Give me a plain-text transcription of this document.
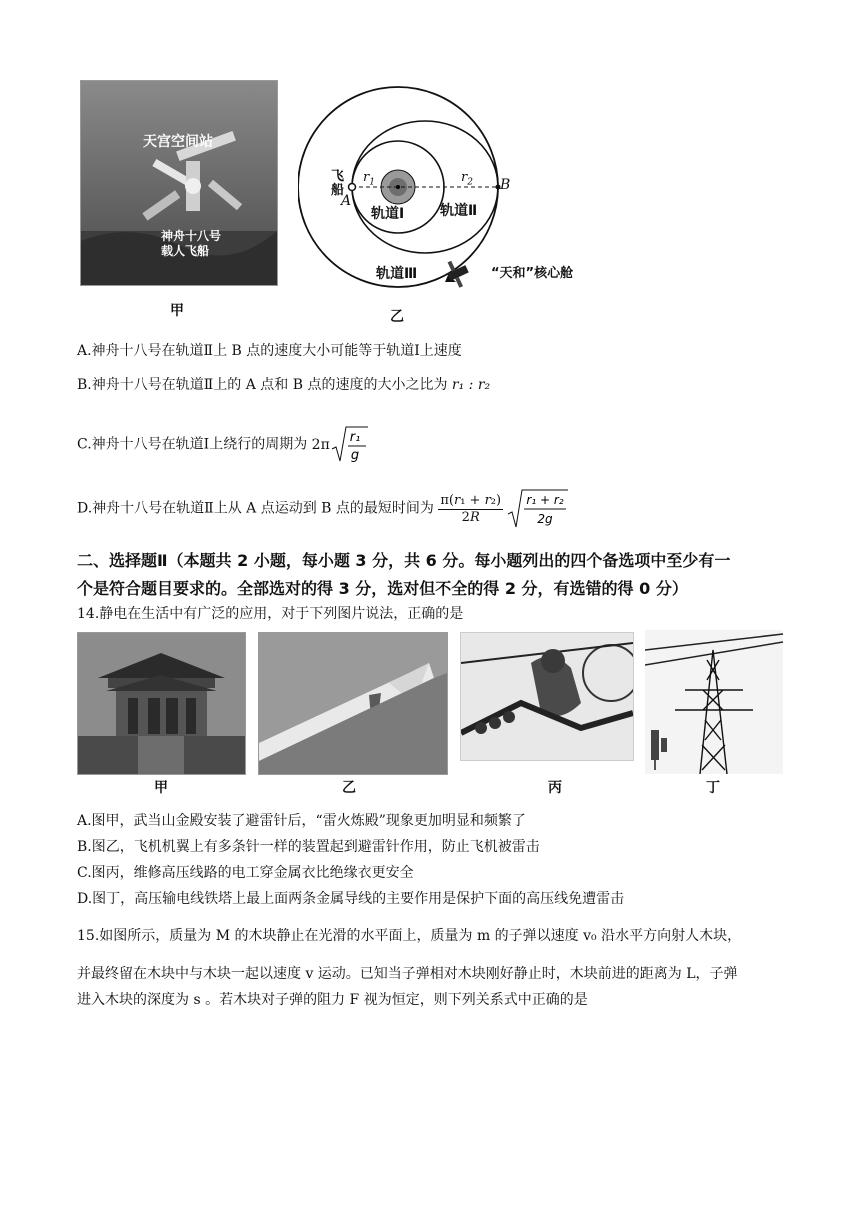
天宫空间站
神舟十八号载人飞船
甲
飞船
A
B
$r_1$	$r_2$
轨道Ⅰ	轨道Ⅱ
轨道Ⅲ	“天和”核心舱
乙
A.神舟十八号在轨道Ⅱ上 B 点的速度大小可能等于轨道Ⅰ上速度
B.神舟十八号在轨道Ⅱ上的 A 点和 B 点的速度的大小之比为 r₁ : r₂
C.神舟十八号在轨道Ⅰ上绕行的周期为 2π r₁
g
D.神舟十八号在轨道Ⅱ上从 A 点运动到 B 点的最短时间为 $\frac{\text{π(r₁ + r₂)}}{2R} r_1 + r_2$
2g
二、选择题Ⅱ（本题共 2 小题，每小题 3 分，共 6 分。每小题列出的四个备选项中至少有一
个是符合题目要求的。全部选对的得 3 分，选对但不全的得 2 分，有选错的得 0 分）
14.静电在生活中有广泛的应用，对于下列图片说法，正确的是
甲	乙	丙	丁
A.图甲，武当山金殿安装了避雷针后，“雷火炼殿”现象更加明显和频繁了
B.图乙，飞机机翼上有多条针一样的装置起到避雷针作用，防止飞机被雷击
C.图丙，维修高压线路的电工穿金属衣比绝缘衣更安全
D.图丁，高压输电线铁塔上最上面两条金属导线的主要作用是保护下面的高压线免遭雷击
15.如图所示，质量为 M 的木块静止在光滑的水平面上，质量为 m 的子弹以速度 v₀ 沿水平方向射人木块，
并最终留在木块中与木块一起以速度 v 运动。已知当子弹相对木块刚好静止时，木块前进的距离为 L，子弹
进入木块的深度为 s 。若木块对子弹的阻力 F 视为恒定，则下列关系式中正确的是
